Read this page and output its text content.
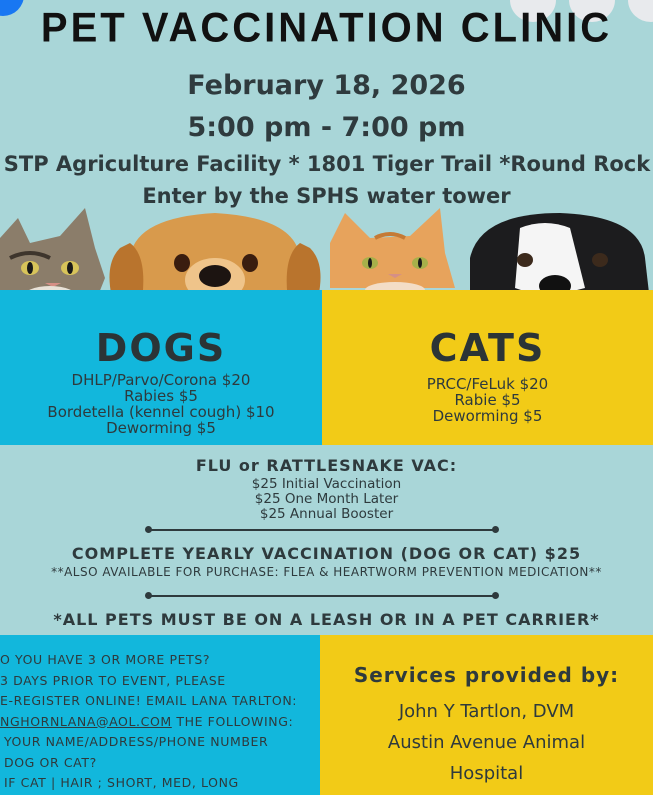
PET VACCINATION CLINIC
February 18, 2026
5:00 pm - 7:00 pm
STP Agriculture Facility * 1801 Tiger Trail *Round Rock
Enter by the SPHS water tower
DOGS
DHLP/Parvo/Corona $20
Rabies $5
Bordetella (kennel cough) $10
Deworming $5
CATS
PRCC/FeLuk $20
Rabie $5
Deworming $5
FLU or RATTLESNAKE VAC:
$25 Initial Vaccination
$25 One Month Later
$25 Annual Booster
COMPLETE YEARLY VACCINATION (DOG OR CAT) $25
**ALSO AVAILABLE FOR PURCHASE: FLEA & HEARTWORM PREVENTION MEDICATION**
*ALL PETS MUST BE ON A LEASH OR IN A PET CARRIER*
O YOU HAVE 3 OR MORE PETS?
3 DAYS PRIOR TO EVENT, PLEASE
E-REGISTER ONLINE! EMAIL LANA TARLTON:
NGHORNLANA@AOL.COM THE FOLLOWING:
YOUR NAME/ADDRESS/PHONE NUMBER
DOG OR CAT?
IF CAT | HAIR ; SHORT, MED, LONG
Services provided by:
John Y Tartlon, DVM
Austin Avenue Animal
Hospital
